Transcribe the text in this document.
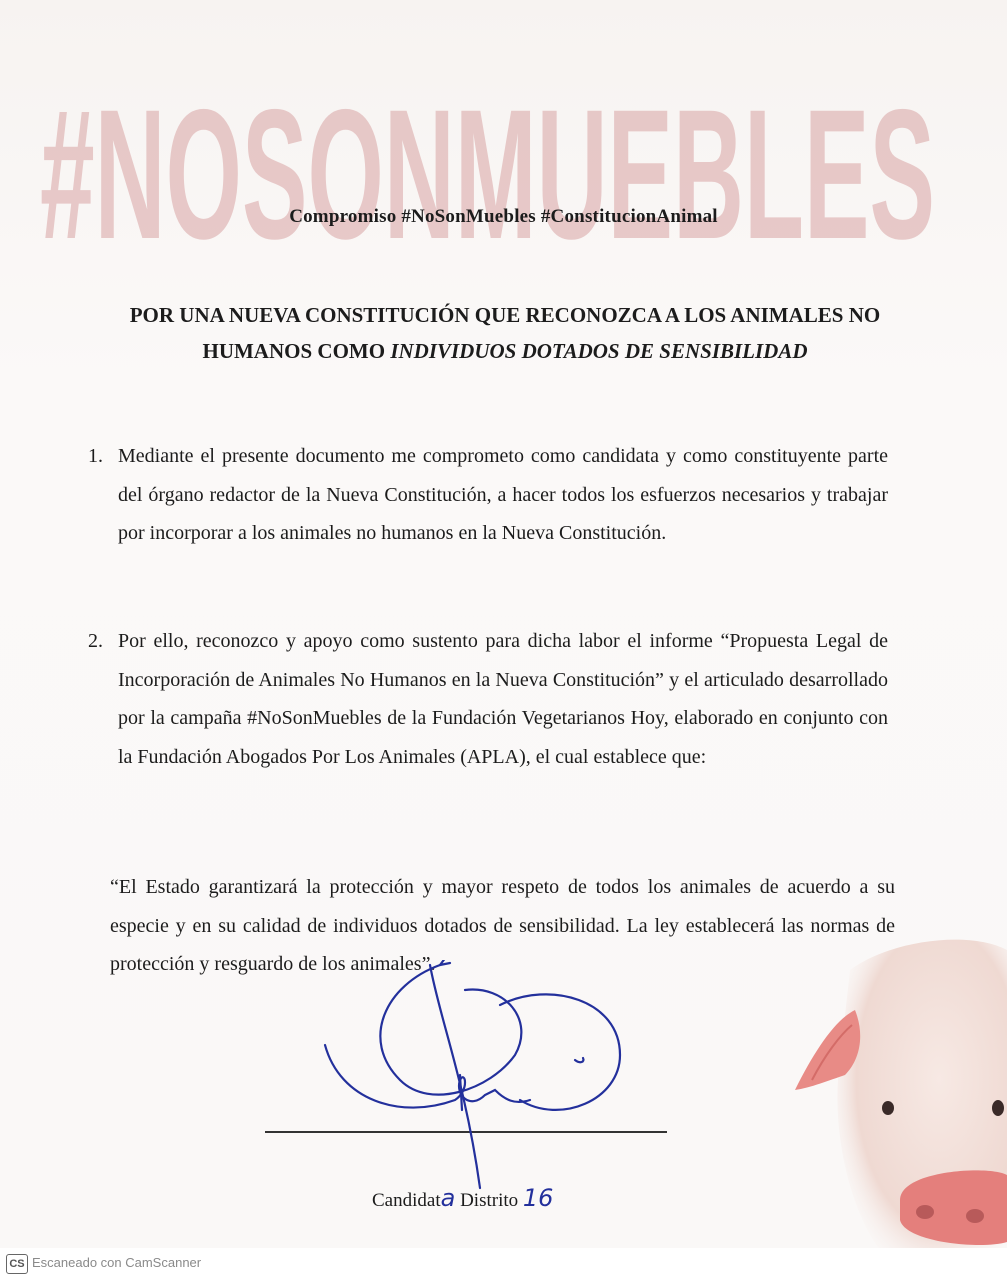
#NOSONMUEBLES
Compromiso #NoSonMuebles #ConstitucionAnimal
POR UNA NUEVA CONSTITUCIÓN QUE RECONOZCA A LOS ANIMALES NO
HUMANOS COMO INDIVIDUOS DOTADOS DE SENSIBILIDAD
1. Mediante el presente documento me comprometo como candidata y como constituyente parte del órgano redactor de la Nueva Constitución, a hacer todos los esfuerzos necesarios y trabajar por incorporar a los animales no humanos en la Nueva Constitución.
2. Por ello, reconozco y apoyo como sustento para dicha labor el informe “Propuesta Legal de Incorporación de Animales No Humanos en la Nueva Constitución” y el articulado desarrollado por la campaña #NoSonMuebles de la Fundación Vegetarianos Hoy, elaborado en conjunto con la Fundación Abogados Por Los Animales (APLA), el cual establece que:
“El Estado garantizará la protección y mayor respeto de todos los animales de acuerdo a su especie y en su calidad de individuos dotados de sensibilidad. La ley establecerá las normas de protección y resguardo de los animales”.
Candidata Distrito 16
CS Escaneado con CamScanner
